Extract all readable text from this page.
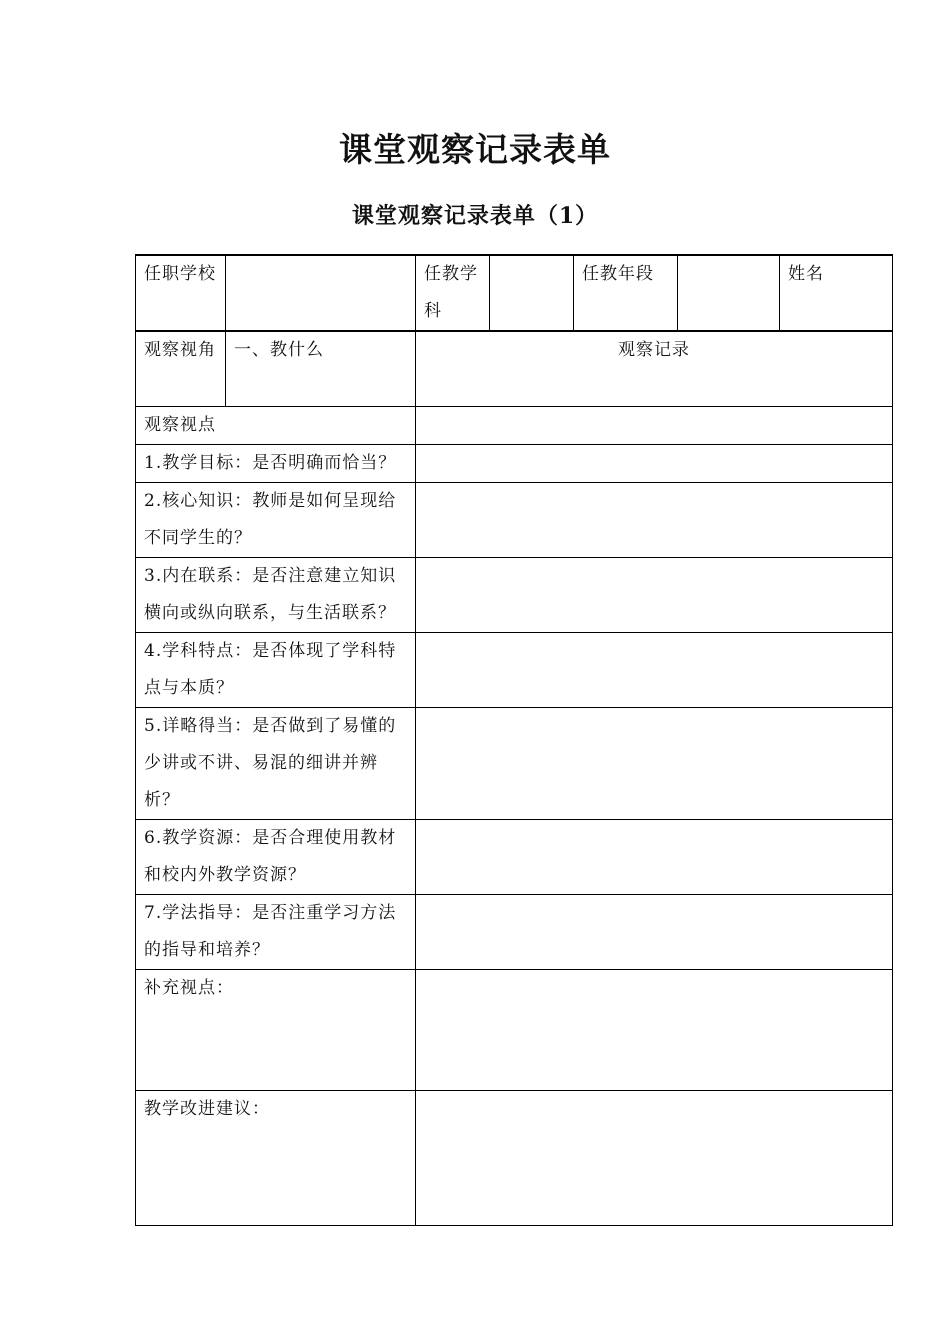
课堂观察记录表单
课堂观察记录表单（1）
任职学校		任教学科		任教年段		姓名	
观察视角	一、教什么	观察记录					
观察视点							
1.教学目标：是否明确而恰当？							
2.核心知识：教师是如何呈现给不同学生的？							
3.内在联系：是否注意建立知识横向或纵向联系，与生活联系？							
4.学科特点：是否体现了学科特点与本质？							
5.详略得当：是否做到了易懂的少讲或不讲、易混的细讲并辨析？							
6.教学资源：是否合理使用教材和校内外教学资源？							
7.学法指导：是否注重学习方法的指导和培养？							
补充视点：							
教学改进建议：							
